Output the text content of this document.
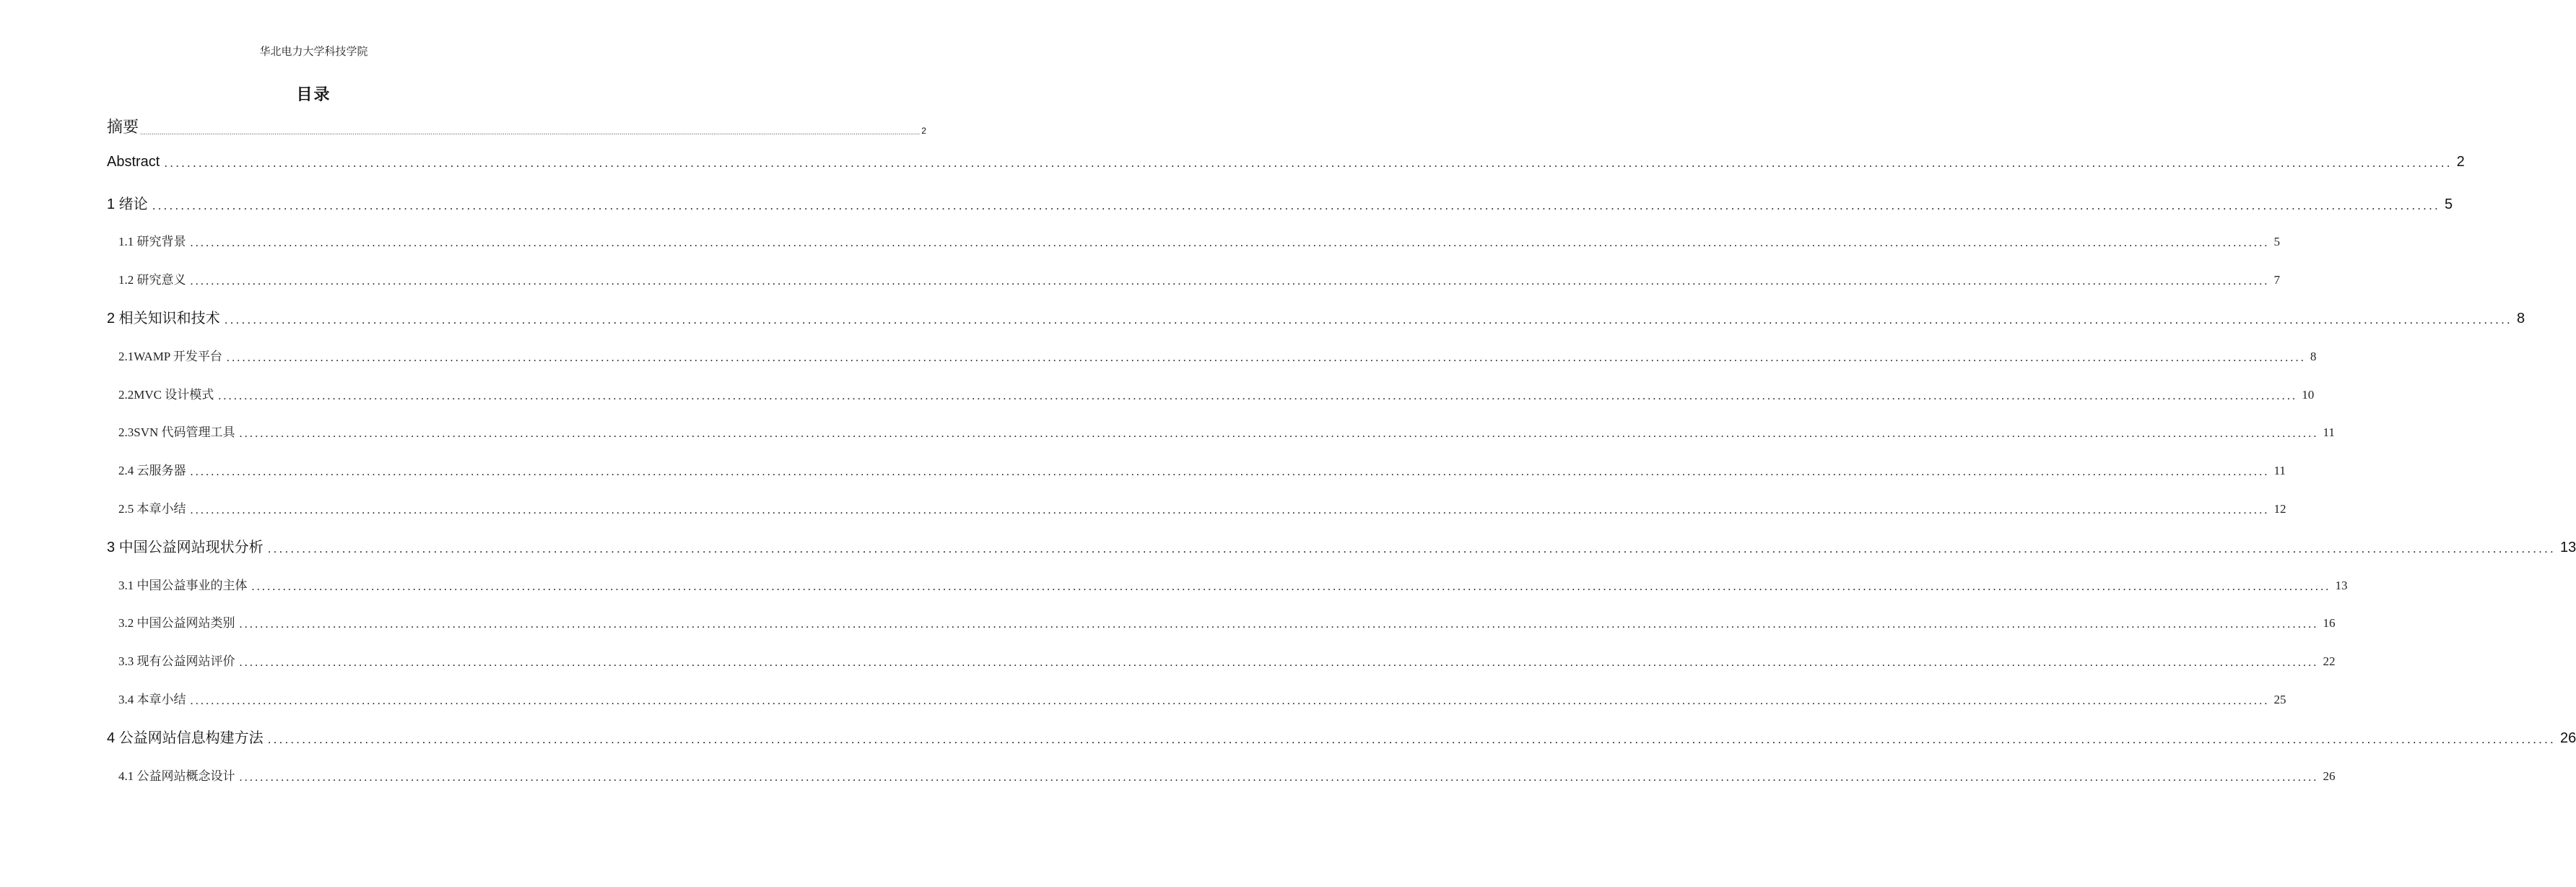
华北电力大学科技学院
目录
摘要 ................................................................................................................................................................................................................................................................................................................................................................................................................ 2
Abstract ................................................................................................................................................................................................................................................................................................................................................................................................................ 2
1 绪论 ................................................................................................................................................................................................................................................................................................................................................................................................................ 5
1.1 研究背景 ................................................................................................................................................................................................................................................................................................................................................................................................................ 5
1.2 研究意义 ................................................................................................................................................................................................................................................................................................................................................................................................................ 7
2 相关知识和技术 ................................................................................................................................................................................................................................................................................................................................................................................................................ 8
2.1WAMP 开发平台 ................................................................................................................................................................................................................................................................................................................................................................................................................ 8
2.2MVC 设计模式 ................................................................................................................................................................................................................................................................................................................................................................................................................ 10
2.3SVN 代码管理工具 ................................................................................................................................................................................................................................................................................................................................................................................................................ 11
2.4 云服务器 ................................................................................................................................................................................................................................................................................................................................................................................................................ 11
2.5 本章小结 ................................................................................................................................................................................................................................................................................................................................................................................................................ 12
3 中国公益网站现状分析 ................................................................................................................................................................................................................................................................................................................................................................................................................ 13
3.1 中国公益事业的主体 ................................................................................................................................................................................................................................................................................................................................................................................................................ 13
3.2 中国公益网站类别 ................................................................................................................................................................................................................................................................................................................................................................................................................ 16
3.3 现有公益网站评价 ................................................................................................................................................................................................................................................................................................................................................................................................................ 22
3.4 本章小结 ................................................................................................................................................................................................................................................................................................................................................................................................................ 25
4 公益网站信息构建方法 ................................................................................................................................................................................................................................................................................................................................................................................................................ 26
4.1 公益网站概念设计 ................................................................................................................................................................................................................................................................................................................................................................................................................ 26
